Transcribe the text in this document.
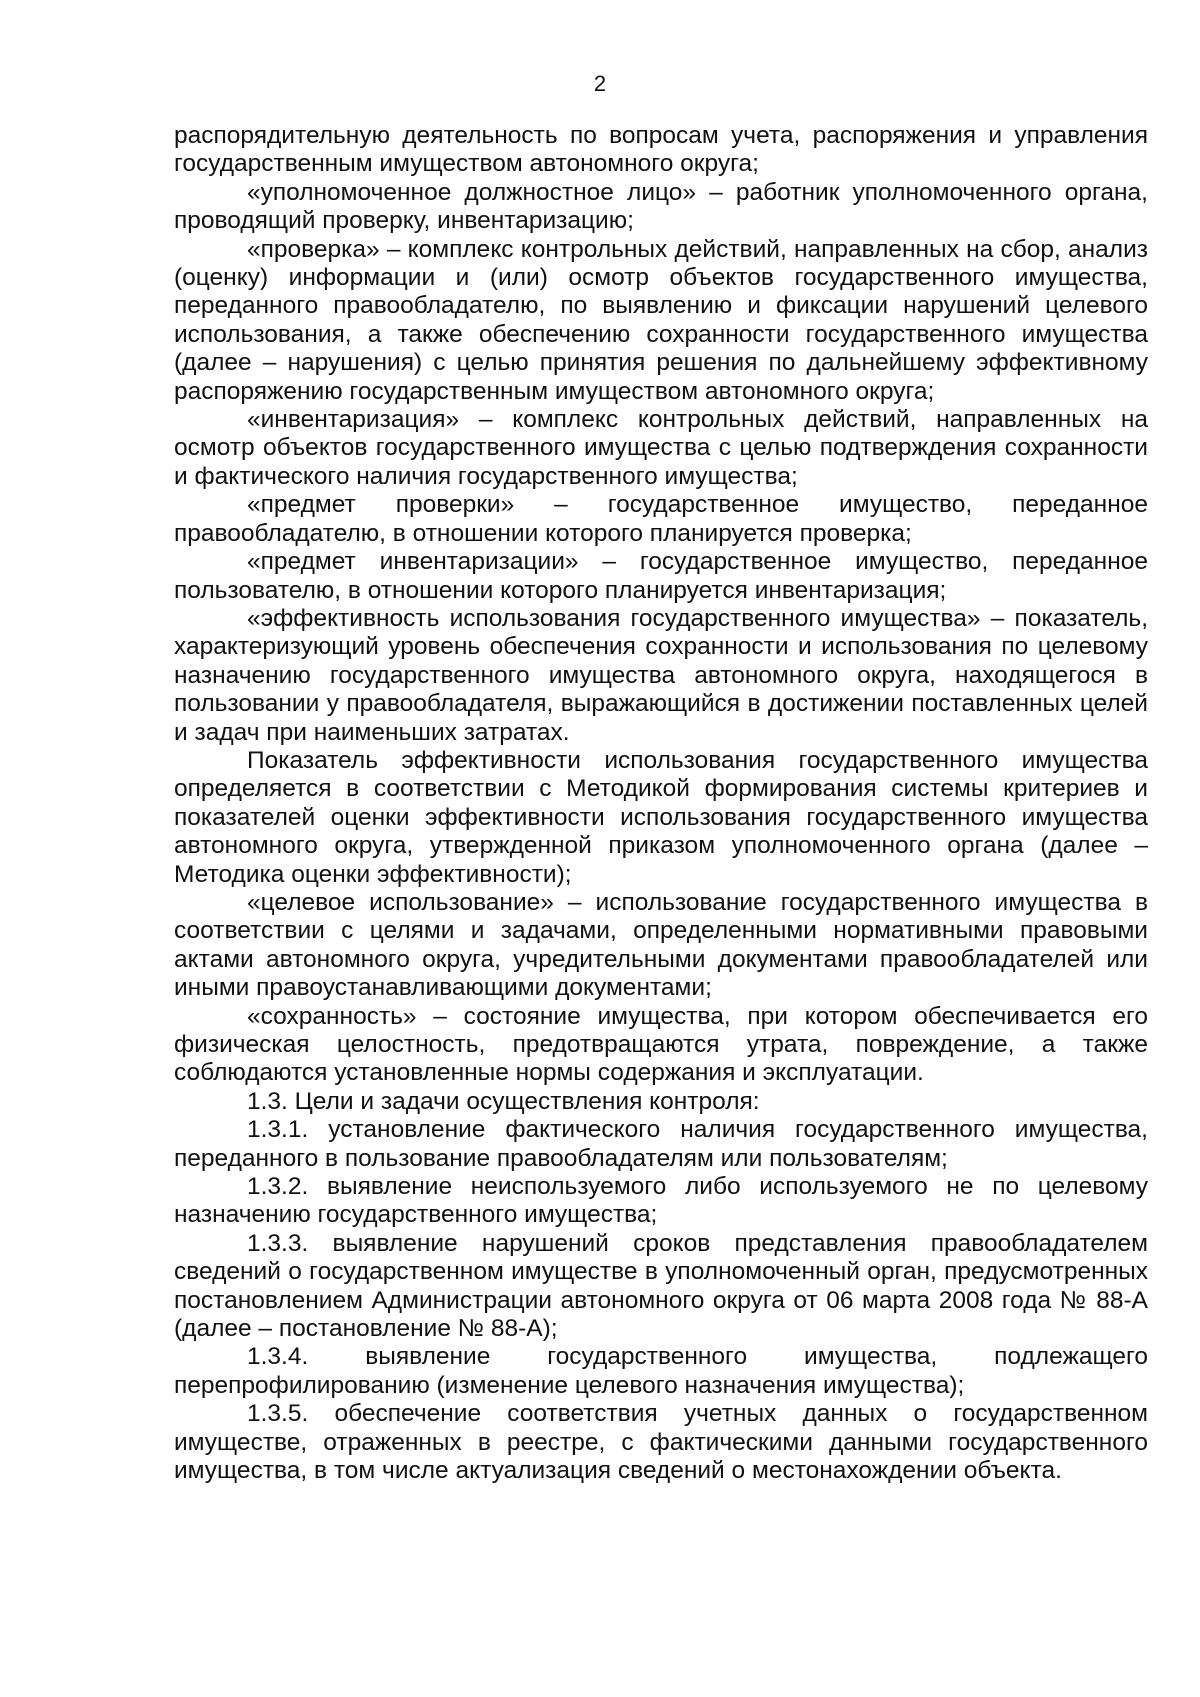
2

распорядительную деятельность по вопросам учета, распоряжения и управления государственным имуществом автономного округа;

«уполномоченное должностное лицо» – работник уполномоченного органа, проводящий проверку, инвентаризацию;

«проверка» – комплекс контрольных действий, направленных на сбор, анализ (оценку) информации и (или) осмотр объектов государственного имущества, переданного правообладателю, по выявлению и фиксации нарушений целевого использования, а также обеспечению сохранности государственного имущества (далее – нарушения) с целью принятия решения по дальнейшему эффективному распоряжению государственным имуществом автономного округа;

«инвентаризация» – комплекс контрольных действий, направленных на осмотр объектов государственного имущества с целью подтверждения сохранности и фактического наличия государственного имущества;

«предмет проверки» – государственное имущество, переданное правообладателю, в отношении которого планируется проверка;

«предмет инвентаризации» – государственное имущество, переданное пользователю, в отношении которого планируется инвентаризация;

«эффективность использования государственного имущества» – показатель, характеризующий уровень обеспечения сохранности и использования по целевому назначению государственного имущества автономного округа, находящегося в пользовании у правообладателя, выражающийся в достижении поставленных целей и задач при наименьших затратах.

Показатель эффективности использования государственного имущества определяется в соответствии с Методикой формирования системы критериев и показателей оценки эффективности использования государственного имущества автономного округа, утвержденной приказом уполномоченного органа (далее – Методика оценки эффективности);

«целевое использование» – использование государственного имущества в соответствии с целями и задачами, определенными нормативными правовыми актами автономного округа, учредительными документами правообладателей или иными правоустанавливающими документами;

«сохранность» – состояние имущества, при котором обеспечивается его физическая целостность, предотвращаются утрата, повреждение, а также соблюдаются установленные нормы содержания и эксплуатации.

1.3. Цели и задачи осуществления контроля:

1.3.1. установление фактического наличия государственного имущества, переданного в пользование правообладателям или пользователям;

1.3.2. выявление неиспользуемого либо используемого не по целевому назначению государственного имущества;

1.3.3. выявление нарушений сроков представления правообладателем сведений о государственном имуществе в уполномоченный орган, предусмотренных постановлением Администрации автономного округа от 06 марта 2008 года № 88-А (далее – постановление № 88-А);

1.3.4. выявление государственного имущества, подлежащего перепрофилированию (изменение целевого назначения имущества);

1.3.5. обеспечение соответствия учетных данных о государственном имуществе, отраженных в реестре, с фактическими данными государственного имущества, в том числе актуализация сведений о местонахождении объекта.
